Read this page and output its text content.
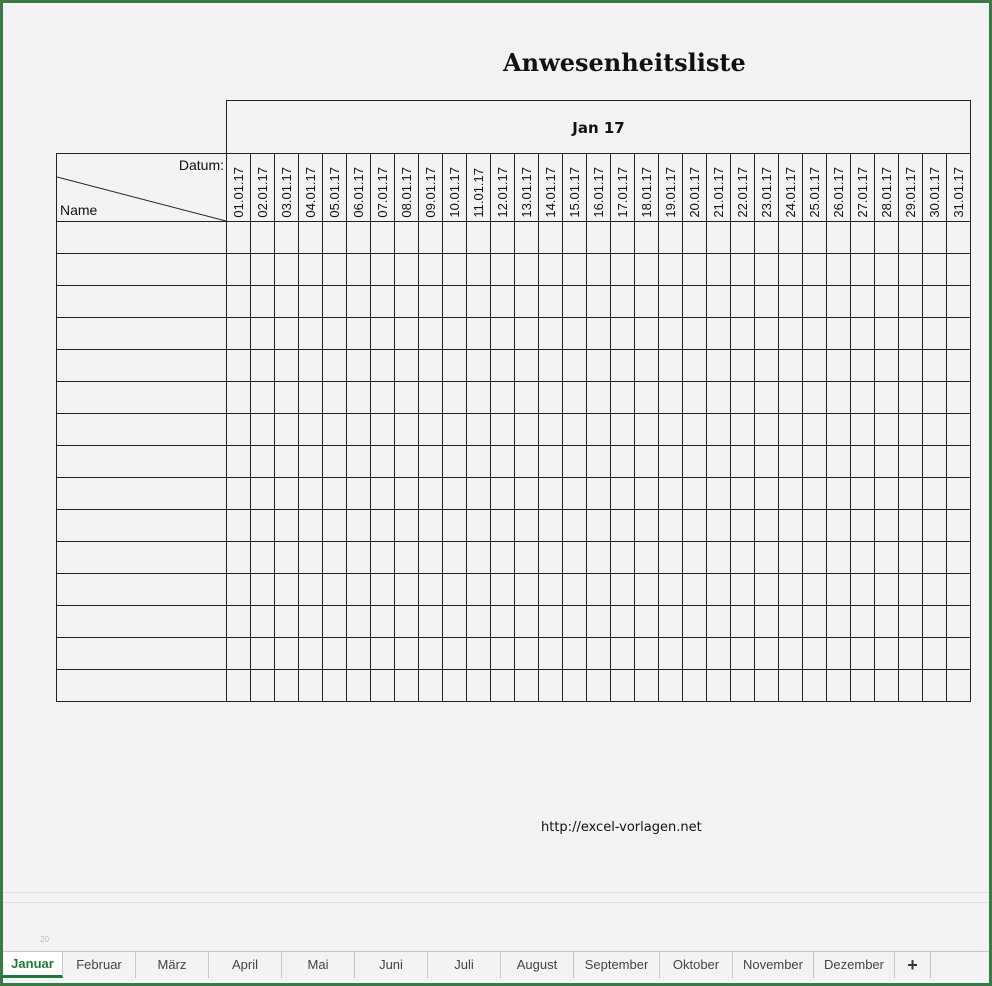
Anwesenheitsliste
Jan 17
Datum:
Name	01.01.17	02.01.17	03.01.17	04.01.17	05.01.17	06.01.17	07.01.17	08.01.17	09.01.17	10.01.17	11.01.17	12.01.17	13.01.17	14.01.17	15.01.17	16.01.17	17.01.17	18.01.17	19.01.17	20.01.17	21.01.17	22.01.17	23.01.17	24.01.17	25.01.17	26.01.17	27.01.17	28.01.17	29.01.17	30.01.17	31.01.17

http://excel-vorlagen.net
20
Januar	Februar	März	April	Mai	Juni	Juli	August	September	Oktober	November	Dezember	+
